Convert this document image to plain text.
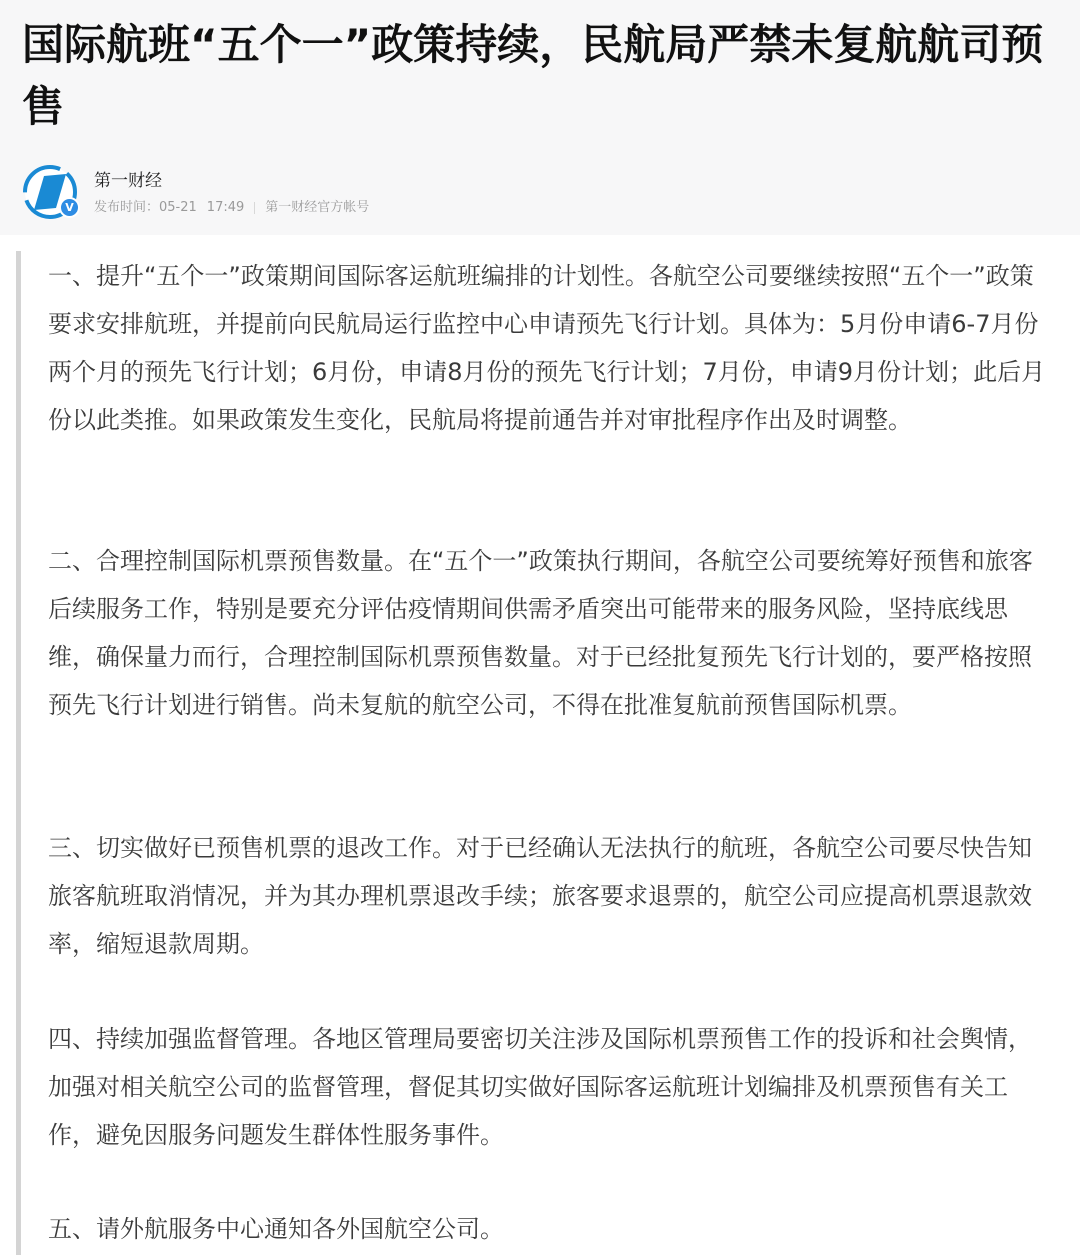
国际航班“五个一”政策持续，民航局严禁未复航航司预售
V
第一财经
发布时间： 05-21 17:49 第一财经官方帐号

一、提升“五个一”政策期间国际客运航班编排的计划性。各航空公司要继续按照“五个一”政策要求安排航班，并提前向民航局运行监控中心申请预先飞行计划。具体为：5月份申请6-7月份两个月的预先飞行计划；6月份，申请8月份的预先飞行计划；7月份，申请9月份计划；此后月份以此类推。如果政策发生变化，民航局将提前通告并对审批程序作出及时调整。

二、合理控制国际机票预售数量。在“五个一”政策执行期间，各航空公司要统筹好预售和旅客后续服务工作，特别是要充分评估疫情期间供需矛盾突出可能带来的服务风险，坚持底线思维，确保量力而行，合理控制国际机票预售数量。对于已经批复预先飞行计划的，要严格按照预先飞行计划进行销售。尚未复航的航空公司，不得在批准复航前预售国际机票。

三、切实做好已预售机票的退改工作。对于已经确认无法执行的航班，各航空公司要尽快告知旅客航班取消情况，并为其办理机票退改手续；旅客要求退票的，航空公司应提高机票退款效率，缩短退款周期。

四、持续加强监督管理。各地区管理局要密切关注涉及国际机票预售工作的投诉和社会舆情，加强对相关航空公司的监督管理，督促其切实做好国际客运航班计划编排及机票预售有关工作，避免因服务问题发生群体性服务事件。

五、请外航服务中心通知各外国航空公司。
